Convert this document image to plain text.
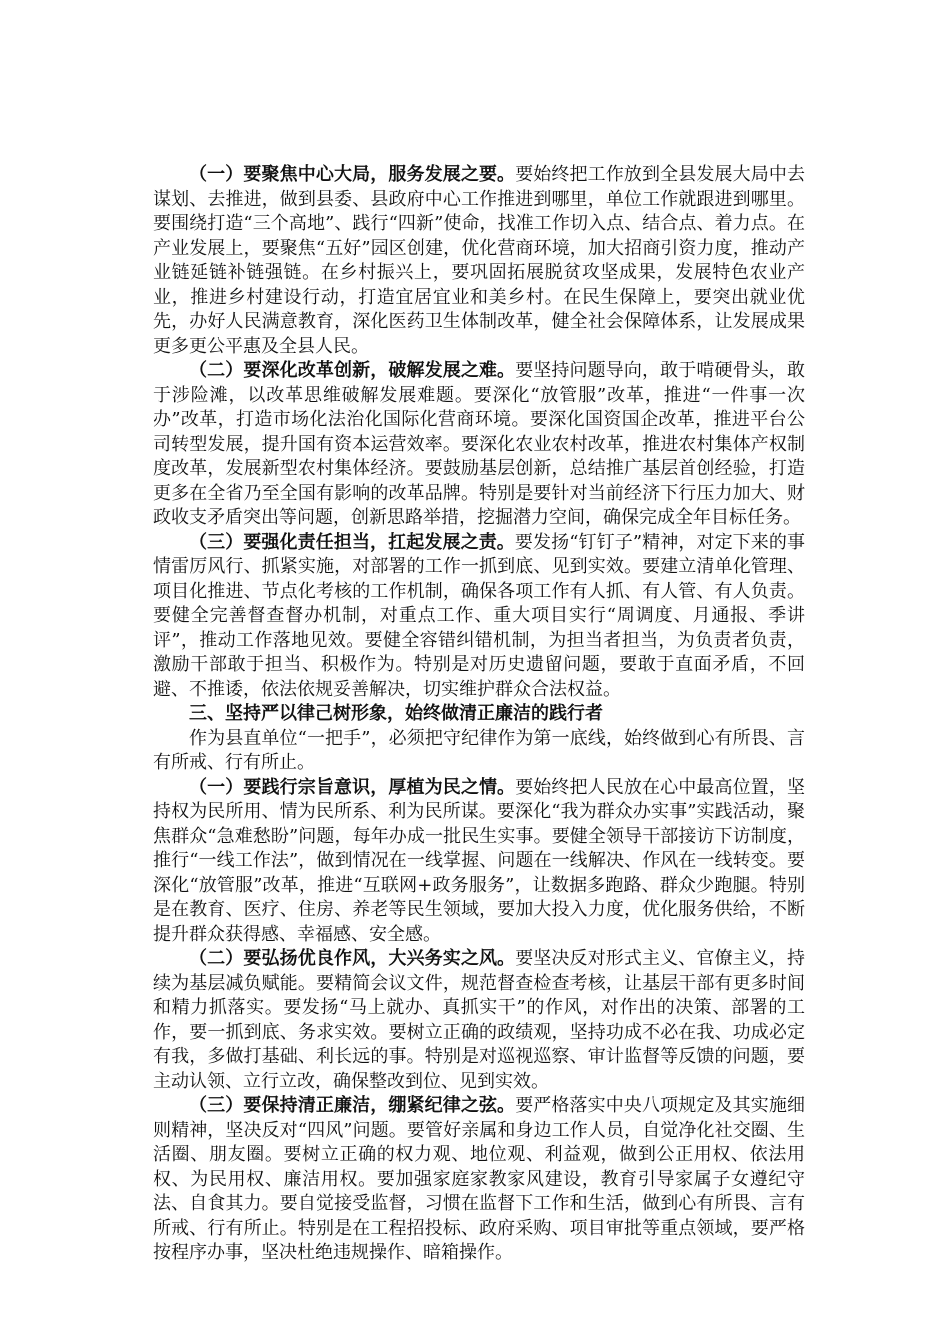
（一）要聚焦中心大局，服务发展之要。要始终把工作放到全县发展大局中去谋划、去推进，做到县委、县政府中心工作推进到哪里，单位工作就跟进到哪里。要围绕打造“三个高地”、践行“四新”使命，找准工作切入点、结合点、着力点。在产业发展上，要聚焦“五好”园区创建，优化营商环境，加大招商引资力度，推动产业链延链补链强链。在乡村振兴上，要巩固拓展脱贫攻坚成果，发展特色农业产业，推进乡村建设行动，打造宜居宜业和美乡村。在民生保障上，要突出就业优先，办好人民满意教育，深化医药卫生体制改革，健全社会保障体系，让发展成果更多更公平惠及全县人民。

（二）要深化改革创新，破解发展之难。要坚持问题导向，敢于啃硬骨头，敢于涉险滩，以改革思维破解发展难题。要深化“放管服”改革，推进“一件事一次办”改革，打造市场化法治化国际化营商环境。要深化国资国企改革，推进平台公司转型发展，提升国有资本运营效率。要深化农业农村改革，推进农村集体产权制度改革，发展新型农村集体经济。要鼓励基层创新，总结推广基层首创经验，打造更多在全省乃至全国有影响的改革品牌。特别是要针对当前经济下行压力加大、财政收支矛盾突出等问题，创新思路举措，挖掘潜力空间，确保完成全年目标任务。

（三）要强化责任担当，扛起发展之责。要发扬“钉钉子”精神，对定下来的事情雷厉风行、抓紧实施，对部署的工作一抓到底、见到实效。要建立清单化管理、项目化推进、节点化考核的工作机制，确保各项工作有人抓、有人管、有人负责。要健全完善督查督办机制，对重点工作、重大项目实行“周调度、月通报、季讲评”，推动工作落地见效。要健全容错纠错机制，为担当者担当，为负责者负责，激励干部敢于担当、积极作为。特别是对历史遗留问题，要敢于直面矛盾，不回避、不推诿，依法依规妥善解决，切实维护群众合法权益。

三、坚持严以律己树形象，始终做清正廉洁的践行者

作为县直单位“一把手”，必须把守纪律作为第一底线，始终做到心有所畏、言有所戒、行有所止。

（一）要践行宗旨意识，厚植为民之情。要始终把人民放在心中最高位置，坚持权为民所用、情为民所系、利为民所谋。要深化“我为群众办实事”实践活动，聚焦群众“急难愁盼”问题，每年办成一批民生实事。要健全领导干部接访下访制度，推行“一线工作法”，做到情况在一线掌握、问题在一线解决、作风在一线转变。要深化“放管服”改革，推进“互联网+政务服务”，让数据多跑路、群众少跑腿。特别是在教育、医疗、住房、养老等民生领域，要加大投入力度，优化服务供给，不断提升群众获得感、幸福感、安全感。

（二）要弘扬优良作风，大兴务实之风。要坚决反对形式主义、官僚主义，持续为基层减负赋能。要精简会议文件，规范督查检查考核，让基层干部有更多时间和精力抓落实。要发扬“马上就办、真抓实干”的作风，对作出的决策、部署的工作，要一抓到底、务求实效。要树立正确的政绩观，坚持功成不必在我、功成必定有我，多做打基础、利长远的事。特别是对巡视巡察、审计监督等反馈的问题，要主动认领、立行立改，确保整改到位、见到实效。

（三）要保持清正廉洁，绷紧纪律之弦。要严格落实中央八项规定及其实施细则精神，坚决反对“四风”问题。要管好亲属和身边工作人员，自觉净化社交圈、生活圈、朋友圈。要树立正确的权力观、地位观、利益观，做到公正用权、依法用权、为民用权、廉洁用权。要加强家庭家教家风建设，教育引导家属子女遵纪守法、自食其力。要自觉接受监督，习惯在监督下工作和生活，做到心有所畏、言有所戒、行有所止。特别是在工程招投标、政府采购、项目审批等重点领域，要严格按程序办事，坚决杜绝违规操作、暗箱操作。
